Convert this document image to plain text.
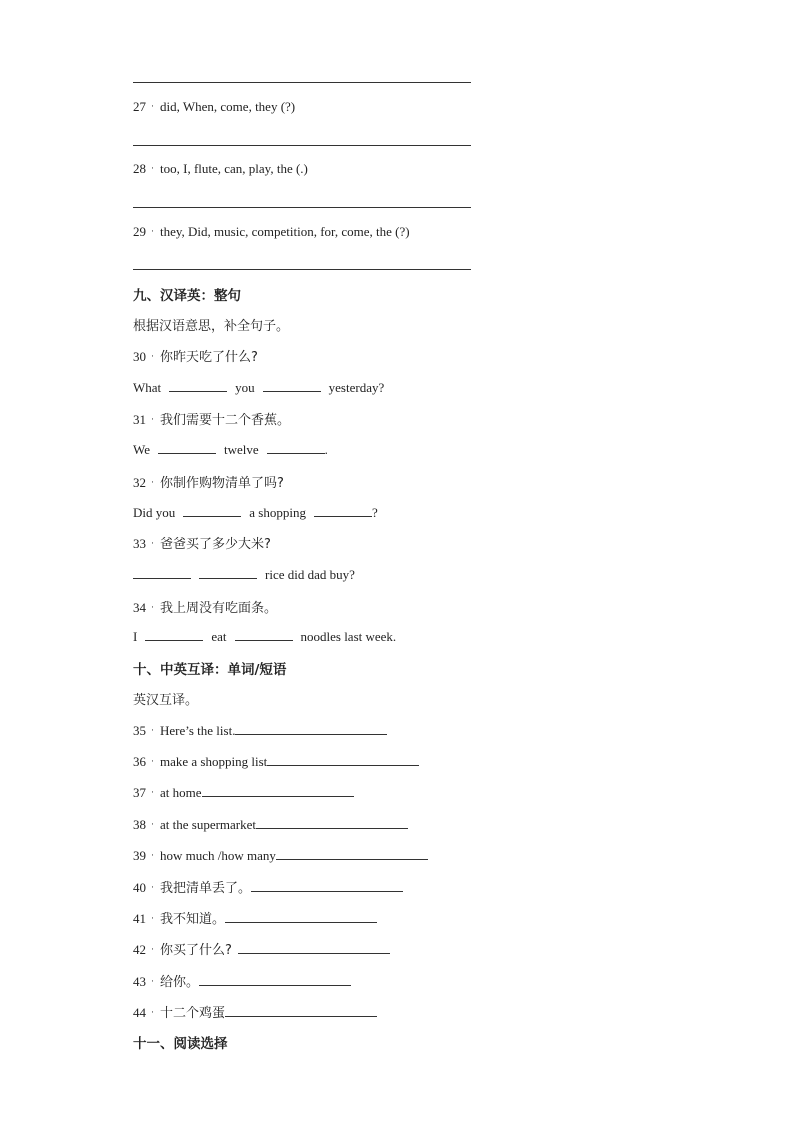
27 · did, When, come, they (?)
28 · too, I, flute, can, play, the (.)
29 · they, Did, music, competition, for, come, the (?)
九、汉译英：整句
根据汉语意思，补全句子。
30 · 你昨天吃了什么?
What	you	yesterday?
31 · 我们需要十二个香蕉。
We	twelve	.
32 · 你制作购物清单了吗?
Did you	a shopping	?
33 · 爸爸买了多少大米?
rice did dad buy?
34 · 我上周没有吃面条。
I	eat	noodles last week.
十、中英互译：单词/短语
英汉互译。
35 · Here’s the list.
36 · make a shopping list
37 · at home
38 · at the supermarket
39 · how much /how many
40 · 我把清单丢了。
41 · 我不知道。
42 · 你买了什么?
43 · 给你。
44 · 十二个鸡蛋
十一、阅读选择
